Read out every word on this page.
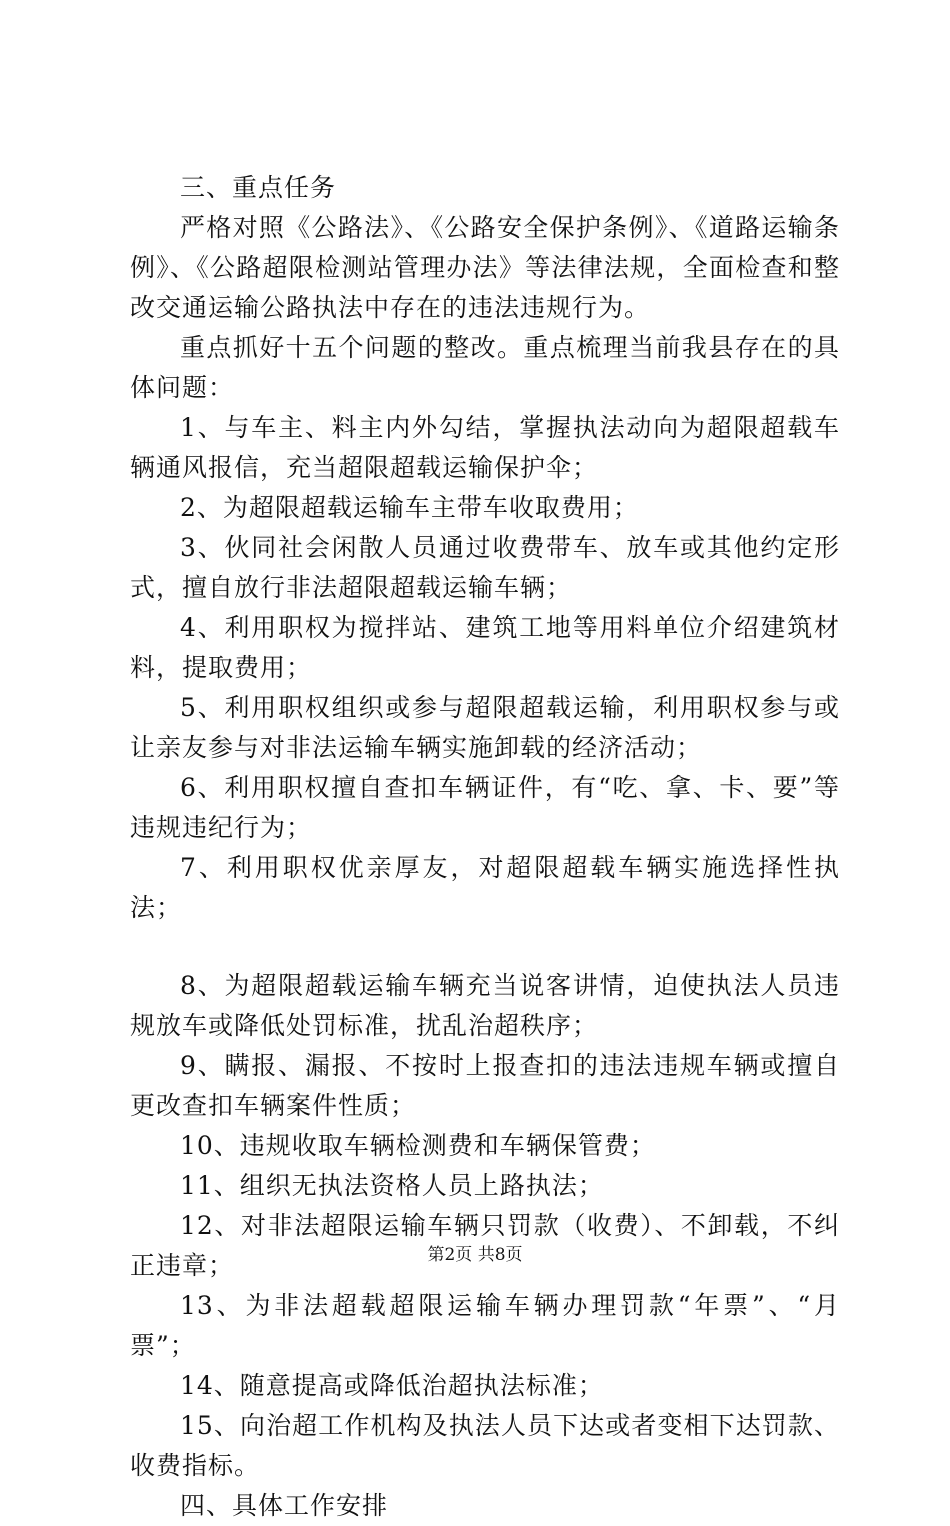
三、重点任务

严格对照《公路法》、《公路安全保护条例》、《道路运输条例》、《公路超限检测站管理办法》等法律法规，全面检查和整改交通运输公路执法中存在的违法违规行为。

重点抓好十五个问题的整改。重点梳理当前我县存在的具体问题：

1、与车主、料主内外勾结，掌握执法动向为超限超载车辆通风报信，充当超限超载运输保护伞；

2、为超限超载运输车主带车收取费用；

3、伙同社会闲散人员通过收费带车、放车或其他约定形式，擅自放行非法超限超载运输车辆；

4、利用职权为搅拌站、建筑工地等用料单位介绍建筑材料，提取费用；

5、利用职权组织或参与超限超载运输，利用职权参与或让亲友参与对非法运输车辆实施卸载的经济活动；

6、利用职权擅自查扣车辆证件，有“吃、拿、卡、要”等违规违纪行为；

7、利用职权优亲厚友，对超限超载车辆实施选择性执法；

8、为超限超载运输车辆充当说客讲情，迫使执法人员违规放车或降低处罚标准，扰乱治超秩序；

9、瞒报、漏报、不按时上报查扣的违法违规车辆或擅自更改查扣车辆案件性质；

10、违规收取车辆检测费和车辆保管费；

11、组织无执法资格人员上路执法；

12、对非法超限运输车辆只罚款（收费）、不卸载，不纠正违章；

13、为非法超载超限运输车辆办理罚款“年票”、“月票”；

14、随意提高或降低治超执法标准；

15、向治超工作机构及执法人员下达或者变相下达罚款、收费指标。

四、具体工作安排

第2页 共8页
